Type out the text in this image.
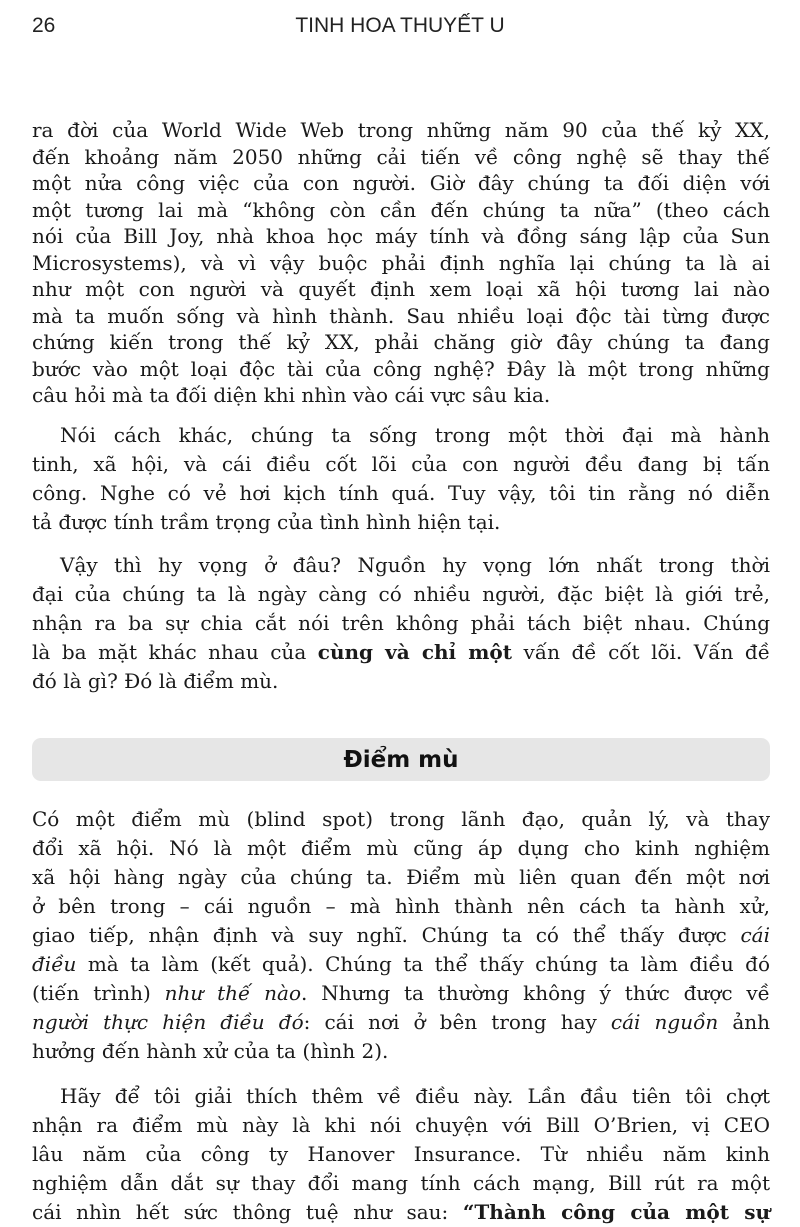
26	TINH HOA THUYẾT U
ra đời của World Wide Web trong những năm 90 của thế kỷ XX,
đến khoảng năm 2050 những cải tiến về công nghệ sẽ thay thế
một nửa công việc của con người. Giờ đây chúng ta đối diện với
một tương lai mà “không còn cần đến chúng ta nữa” (theo cách
nói của Bill Joy, nhà khoa học máy tính và đồng sáng lập của Sun
Microsystems), và vì vậy buộc phải định nghĩa lại chúng ta là ai
như một con người và quyết định xem loại xã hội tương lai nào
mà ta muốn sống và hình thành. Sau nhiều loại độc tài từng được
chứng kiến trong thế kỷ XX, phải chăng giờ đây chúng ta đang
bước vào một loại độc tài của công nghệ? Đây là một trong những
câu hỏi mà ta đối diện khi nhìn vào cái vực sâu kia.
Nói cách khác, chúng ta sống trong một thời đại mà hành
tinh, xã hội, và cái điều cốt lõi của con người đều đang bị tấn
công. Nghe có vẻ hơi kịch tính quá. Tuy vậy, tôi tin rằng nó diễn
tả được tính trầm trọng của tình hình hiện tại.
Vậy thì hy vọng ở đâu? Nguồn hy vọng lớn nhất trong thời
đại của chúng ta là ngày càng có nhiều người, đặc biệt là giới trẻ,
nhận ra ba sự chia cắt nói trên không phải tách biệt nhau. Chúng
là ba mặt khác nhau của cùng và chỉ một vấn đề cốt lõi. Vấn đề
đó là gì? Đó là điểm mù.
Điểm mù
Có một điểm mù (blind spot) trong lãnh đạo, quản lý, và thay
đổi xã hội. Nó là một điểm mù cũng áp dụng cho kinh nghiệm
xã hội hàng ngày của chúng ta. Điểm mù liên quan đến một nơi
ở bên trong – cái nguồn – mà hình thành nên cách ta hành xử,
giao tiếp, nhận định và suy nghĩ. Chúng ta có thể thấy được cái
điều mà ta làm (kết quả). Chúng ta thể thấy chúng ta làm điều đó
(tiến trình) như thế nào. Nhưng ta thường không ý thức được về
người thực hiện điều đó: cái nơi ở bên trong hay cái nguồn ảnh
hưởng đến hành xử của ta (hình 2).
Hãy để tôi giải thích thêm về điều này. Lần đầu tiên tôi chợt
nhận ra điểm mù này là khi nói chuyện với Bill O’Brien, vị CEO
lâu năm của công ty Hanover Insurance. Từ nhiều năm kinh
nghiệm dẫn dắt sự thay đổi mang tính cách mạng, Bill rút ra một
cái nhìn hết sức thông tuệ như sau: “Thành công của một sự
